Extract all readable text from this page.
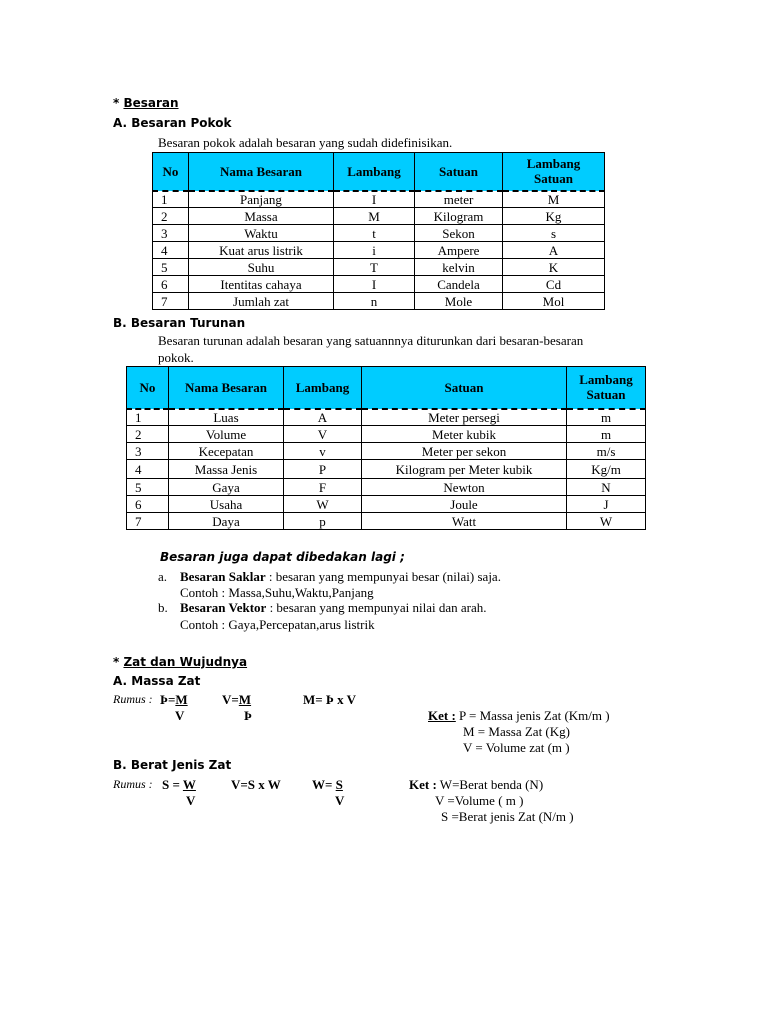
* Besaran
A. Besaran Pokok
Besaran pokok adalah besaran yang sudah didefinisikan.
No	Nama Besaran	Lambang	Satuan	Lambang Satuan
1	Panjang	I	meter	M
2	Massa	M	Kilogram	Kg
3	Waktu	t	Sekon	s
4	Kuat arus listrik	i	Ampere	A
5	Suhu	T	kelvin	K
6	Itentitas cahaya	I	Candela	Cd
7	Jumlah zat	n	Mole	Mol
B. Besaran Turunan
Besaran turunan adalah besaran yang satuannnya diturunkan dari besaran-besaran
pokok.
No	Nama Besaran	Lambang	Satuan	Lambang Satuan
1	Luas	A	Meter persegi	m
2	Volume	V	Meter kubik	m
3	Kecepatan	v	Meter per sekon	m/s
4	Massa Jenis	P	Kilogram per Meter kubik	Kg/m
5	Gaya	F	Newton	N
6	Usaha	W	Joule	J
7	Daya	p	Watt	W
Besaran juga dapat dibedakan lagi ;
a. Besaran Saklar : besaran yang mempunyai besar (nilai) saja.
Contoh : Massa,Suhu,Waktu,Panjang
b. Besaran Vektor : besaran yang mempunyai nilai dan arah.
Contoh : Gaya,Percepatan,arus listrik
* Zat dan Wujudnya
A. Massa Zat
Rumus : Þ=M
V
V=M
Þ
M= Þ x V
Ket : P = Massa jenis Zat (Km/m )
M = Massa Zat (Kg)
V = Volume zat (m )
B. Berat Jenis Zat
Rumus : S = W
V
V=S x W W= S
V
Ket : W=Berat benda (N)
V =Volume ( m )
S =Berat jenis Zat (N/m )
